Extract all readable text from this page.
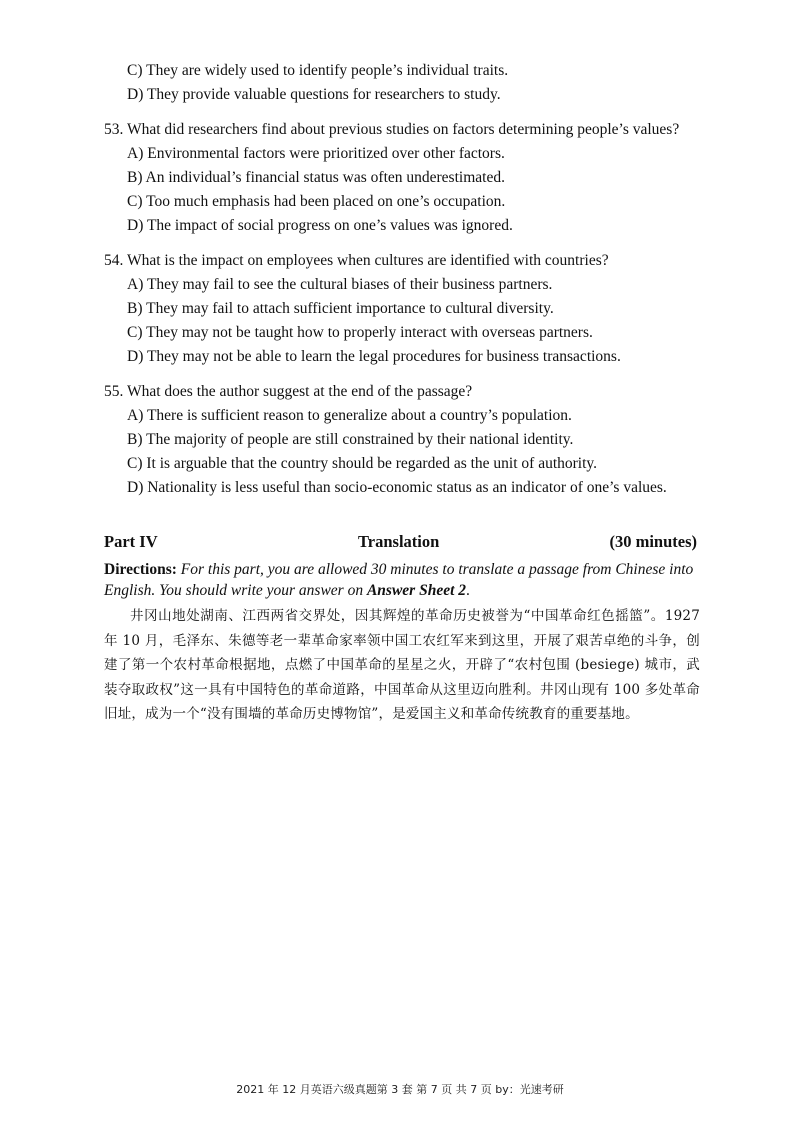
C) They are widely used to identify people’s individual traits.
D) They provide valuable questions for researchers to study.
53. What did researchers find about previous studies on factors determining people’s values?
A) Environmental factors were prioritized over other factors.
B) An individual’s financial status was often underestimated.
C) Too much emphasis had been placed on one’s occupation.
D) The impact of social progress on one’s values was ignored.
54. What is the impact on employees when cultures are identified with countries?
A) They may fail to see the cultural biases of their business partners.
B) They may fail to attach sufficient importance to cultural diversity.
C) They may not be taught how to properly interact with overseas partners.
D) They may not be able to learn the legal procedures for business transactions.
55. What does the author suggest at the end of the passage?
A) There is sufficient reason to generalize about a country’s population.
B) The majority of people are still constrained by their national identity.
C) It is arguable that the country should be regarded as the unit of authority.
D) Nationality is less useful than socio-economic status as an indicator of one’s values.
Part IV	Translation	(30 minutes)
Directions: For this part, you are allowed 30 minutes to translate a passage from Chinese into English. You should write your answer on Answer Sheet 2.
井冈山地处湖南、江西两省交界处，因其辉煌的革命历史被誉为“中国革命红色摇篮”。1927 年 10 月，毛泽东、朱德等老一辈革命家率领中国工农红军来到这里，开展了艰苦卓绝的斗争，创建了第一个农村革命根据地，点燃了中国革命的星星之火，开辟了“农村包围 (besiege) 城市，武装夺取政权”这一具有中国特色的革命道路，中国革命从这里迈向胜利。井冈山现有 100 多处革命旧址，成为一个“没有围墙的革命历史博物馆”，是爱国主义和革命传统教育的重要基地。
2021 年 12 月英语六级真题第 3 套 第 7 页 共 7 页 by：光速考研
